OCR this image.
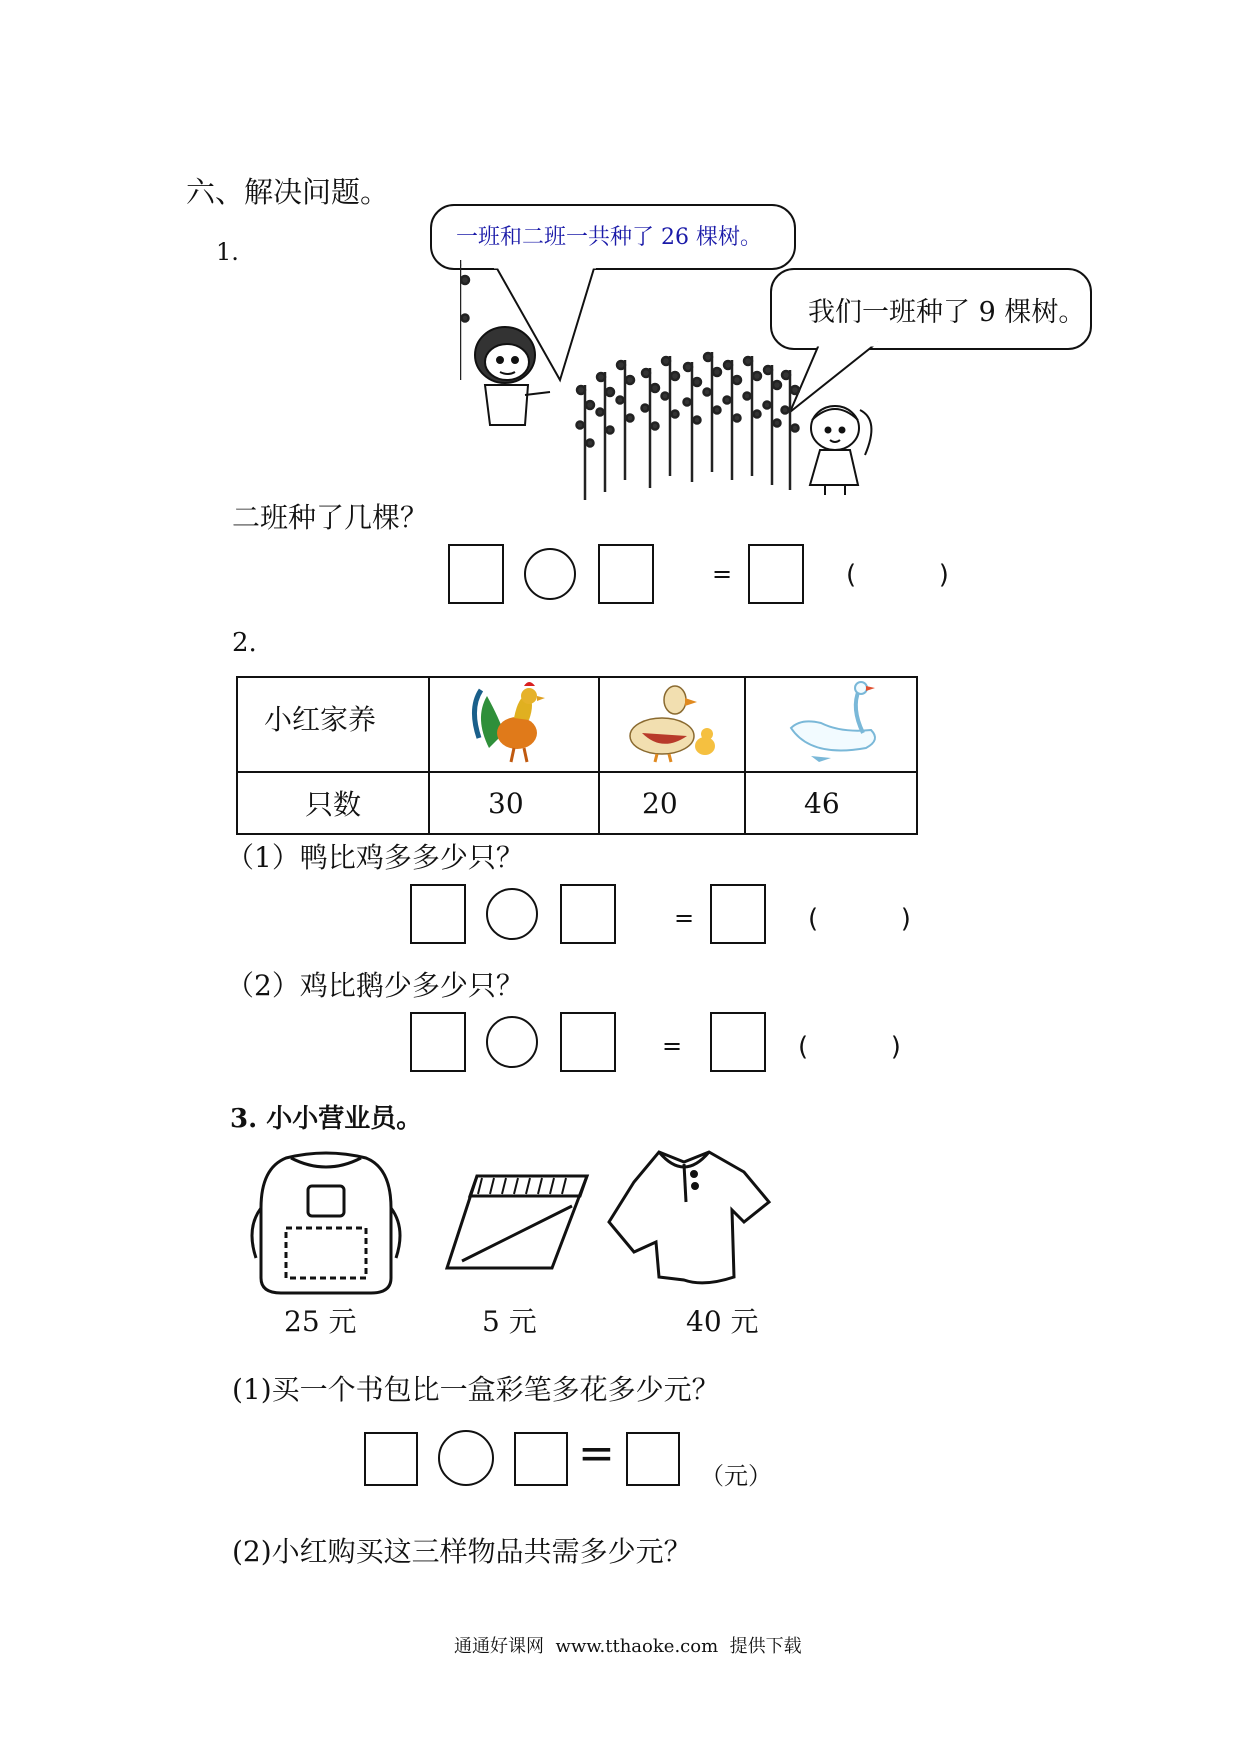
六、解决问题。
1.
一班和二班一共种了 26 棵树。
我们一班种了 9 棵树。
二班种了几棵？
=	(          )
2.
小红家养

只数	30	20	46
（1）鸭比鸡多多少只？
=	(          )
（2）鸡比鹅少多少只？
=	(          )
3. 小小营业员。
25 元	5 元	40 元
(1)买一个书包比一盒彩笔多花多少元？
=	（元）
(2)小红购买这三样物品共需多少元？
通通好课网  www.tthaoke.com  提供下载
